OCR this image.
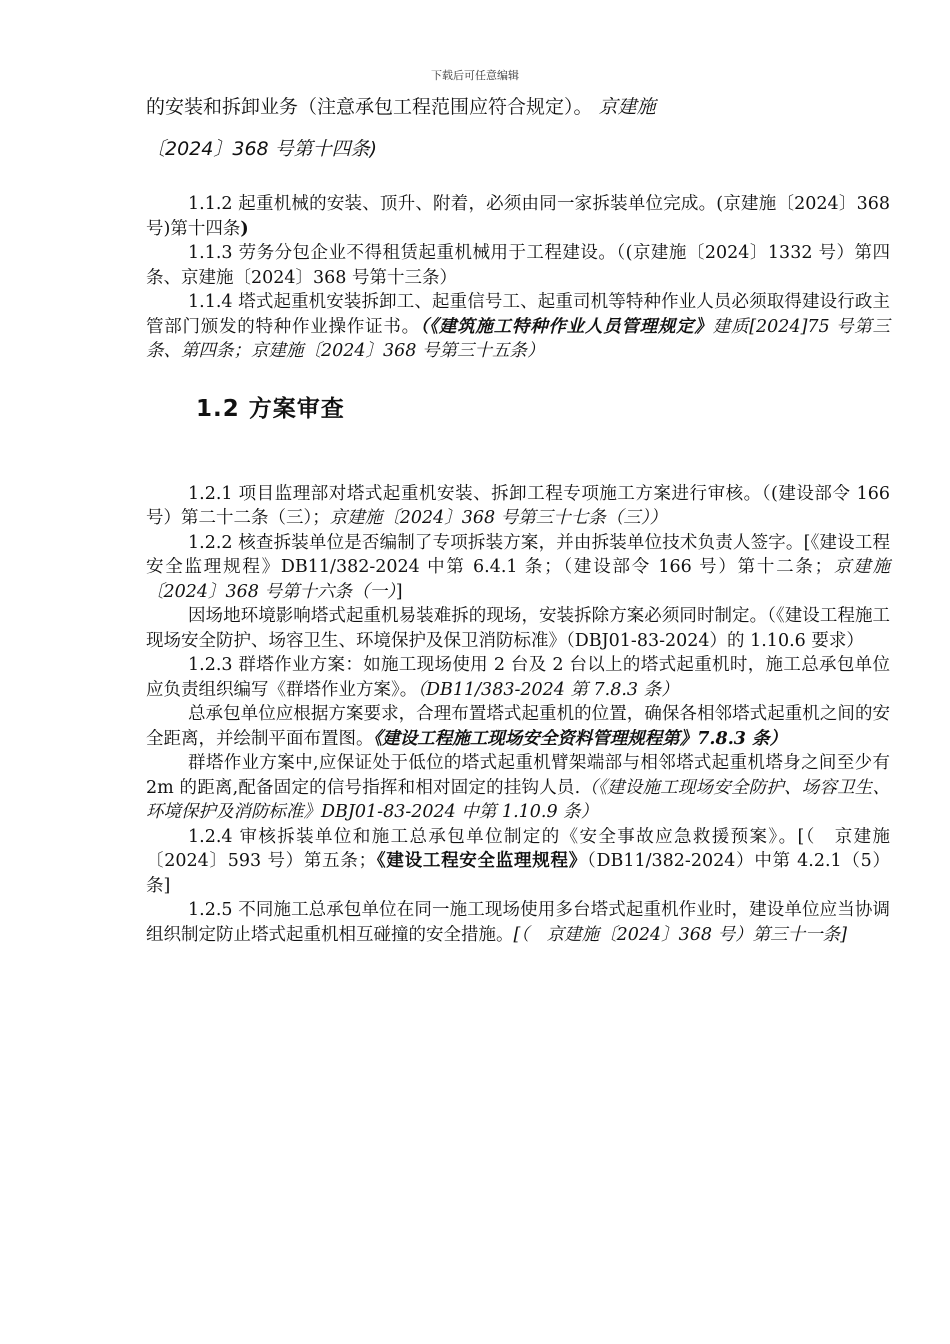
下载后可任意编辑

的安装和拆卸业务（注意承包工程范围应符合规定）。 京建施

〔2024〕368 号第十四条)

1.1.2 起重机械的安装、顶升、附着，必须由同一家拆装单位完成。(京建施〔2024〕368 号)第十四条)

1.1.3 劳务分包企业不得租赁起重机械用于工程建设。（(京建施〔2024〕1332 号）第四条、京建施〔2024〕368 号第十三条）

1.1.4 塔式起重机安装拆卸工、起重信号工、起重司机等特种作业人员必须取得建设行政主管部门颁发的特种作业操作证书。（《建筑施工特种作业人员管理规定》建质[2024]75 号第三条、第四条；京建施〔2024〕368 号第三十五条）

1.2 方案审查

1.2.1 项目监理部对塔式起重机安装、拆卸工程专项施工方案进行审核。（(建设部令 166 号）第二十二条（三）；京建施〔2024〕368 号第三十七条（三））

1.2.2 核查拆装单位是否编制了专项拆装方案，并由拆装单位技术负责人签字。[《建设工程安全监理规程》DB11/382-2024 中第 6.4.1 条；（建设部令 166 号）第十二条；京建施〔2024〕368 号第十六条（一）]

因场地环境影响塔式起重机易装难拆的现场，安装拆除方案必须同时制定。（《建设工程施工现场安全防护、场容卫生、环境保护及保卫消防标准》（DBJ01-83-2024）的 1.10.6 要求）

1.2.3 群塔作业方案：如施工现场使用 2 台及 2 台以上的塔式起重机时，施工总承包单位应负责组织编写《群塔作业方案》。（DB11/383-2024 第 7.8.3 条）

总承包单位应根据方案要求，合理布置塔式起重机的位置，确保各相邻塔式起重机之间的安全距离，并绘制平面布置图。《建设工程施工现场安全资料管理规程第》7.8.3 条）

群塔作业方案中,应保证处于低位的塔式起重机臂架端部与相邻塔式起重机塔身之间至少有 2m 的距离,配备固定的信号指挥和相对固定的挂钩人员.（《建设施工现场安全防护、场容卫生、环境保护及消防标准》DBJ01-83-2024 中第 1.10.9 条）

1.2.4 审核拆装单位和施工总承包单位制定的《安全事故应急救援预案》。[（　京建施〔2024〕593 号）第五条；《建设工程安全监理规程》（DB11/382-2024）中第 4.2.1（5）条]

1.2.5 不同施工总承包单位在同一施工现场使用多台塔式起重机作业时，建设单位应当协调组织制定防止塔式起重机相互碰撞的安全措施。[（　京建施〔2024〕368 号）第三十一条]
